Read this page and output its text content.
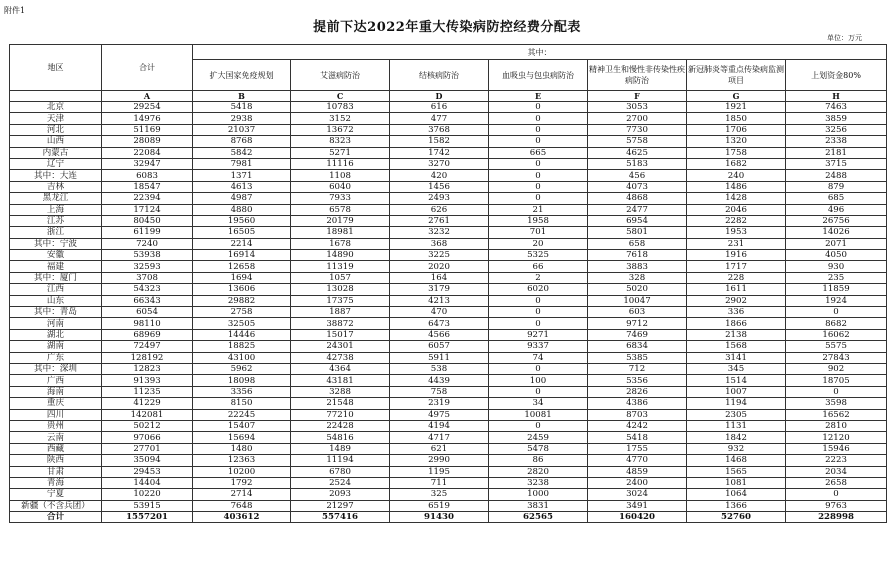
附件1
提前下达2022年重大传染病防控经费分配表
单位：万元
地区	合计	其中：						
		扩大国家免疫规划	艾滋病防治	结核病防治	血吸虫与包虫病防治	精神卫生和慢性非传染性疾病防治	新冠肺炎等重点传染病监测项目	上划资金80%
	A	B	C	D	E	F	G	H
北京	29254	5418	10783	616	0	3053	1921	7463
天津	14976	2938	3152	477	0	2700	1850	3859
河北	51169	21037	13672	3768	0	7730	1706	3256
山西	28089	8768	8323	1582	0	5758	1320	2338
内蒙古	22084	5842	5271	1742	665	4625	1758	2181
辽宁	32947	7981	11116	3270	0	5183	1682	3715
其中：大连	6083	1371	1108	420	0	456	240	2488
吉林	18547	4613	6040	1456	0	4073	1486	879
黑龙江	22394	4987	7933	2493	0	4868	1428	685
上海	17124	4880	6578	626	21	2477	2046	496
江苏	80450	19560	20179	2761	1958	6954	2282	26756
浙江	61199	16505	18981	3232	701	5801	1953	14026
其中：宁波	7240	2214	1678	368	20	658	231	2071
安徽	53938	16914	14890	3225	5325	7618	1916	4050
福建	32593	12658	11319	2020	66	3883	1717	930
其中：厦门	3708	1694	1057	164	2	328	228	235
江西	54323	13606	13028	3179	6020	5020	1611	11859
山东	66343	29882	17375	4213	0	10047	2902	1924
其中：青岛	6054	2758	1887	470	0	603	336	0
河南	98110	32505	38872	6473	0	9712	1866	8682
湖北	68969	14446	15017	4566	9271	7469	2138	16062
湖南	72497	18825	24301	6057	9337	6834	1568	5575
广东	128192	43100	42738	5911	74	5385	3141	27843
其中：深圳	12823	5962	4364	538	0	712	345	902
广西	91393	18098	43181	4439	100	5356	1514	18705
海南	11235	3356	3288	758	0	2826	1007	0
重庆	41229	8150	21548	2319	34	4386	1194	3598
四川	142081	22245	77210	4975	10081	8703	2305	16562
贵州	50212	15407	22428	4194	0	4242	1131	2810
云南	97066	15694	54816	4717	2459	5418	1842	12120
西藏	27701	1480	1489	621	5478	1755	932	15946
陕西	35094	12363	11194	2990	86	4770	1468	2223
甘肃	29453	10200	6780	1195	2820	4859	1565	2034
青海	14404	1792	2524	711	3238	2400	1081	2658
宁夏	10220	2714	2093	325	1000	3024	1064	0
新疆（不含兵团）	53915	7648	21297	6519	3831	3491	1366	9763
合计	1557201	403612	557416	91430	62565	160420	52760	228998
